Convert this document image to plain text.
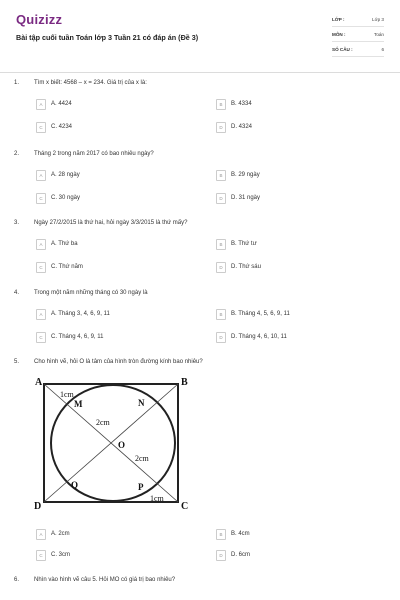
Quizizz
Bài tập cuối tuần Toán lớp 3 Tuần 21 có đáp án (Đề 3)
LỚP :	Lớp 3
MÔN :	Toán
SỐ CÂU :	6
1. Tìm x biết: 4568 – x = 234. Giá trị của x là:
A	A. 4424	B	B. 4334
C	C. 4234	D	D. 4324
2. Tháng 2 trong năm 2017 có bao nhiêu ngày?
A	A. 28 ngày	B	B. 29 ngày
C	C. 30 ngày	D	D. 31 ngày
3. Ngày 27/2/2015 là thứ hai, hỏi ngày 3/3/2015 là thứ mấy?
A	A. Thứ ba	B	B. Thứ tư
C	C. Thứ năm	D	D. Thứ sáu
4. Trong một năm những tháng có 30 ngày là
A	A. Tháng 3, 4, 6, 9, 11	B	B. Tháng 4, 5, 6, 9, 11
C	C. Tháng 4, 6, 9, 11	D	D. Tháng 4, 6, 10, 11
5. Cho hình vẽ, hỏi O là tâm của hình tròn đường kính bao nhiêu?
A	B
C
D
M	N
O
P
Q
1cm
2cm
2cm
1cm
A	A. 2cm	B	B. 4cm
C	C. 3cm	D	D. 6cm
6. Nhìn vào hình vẽ câu 5. Hỏi MO có giá trị bao nhiêu?
